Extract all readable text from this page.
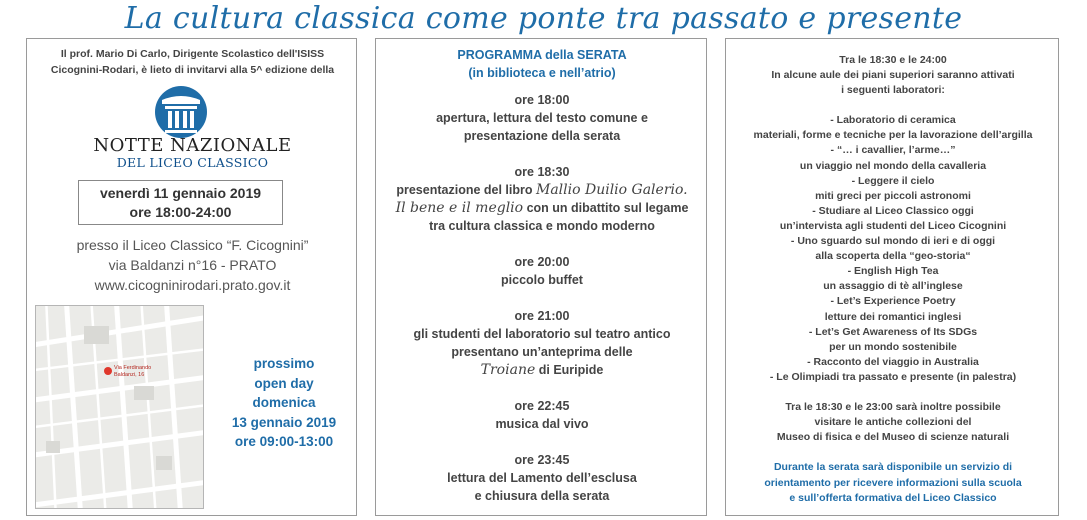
La cultura classica come ponte tra passato e presente
Il prof. Mario Di Carlo, Dirigente Scolastico dell'ISISS
Cicognini-Rodari, è lieto di invitarvi alla 5^ edizione della
NOTTE NAZIONALE
DEL LICEO CLASSICO
venerdì 11 gennaio 2019
ore 18:00-24:00
presso il Liceo Classico “F. Cicognini”
via Baldanzi n°16 - PRATO
www.cicogninirodari.prato.gov.it
Via Ferdinando
Baldanzi, 16
prossimo
open day
domenica
13 gennaio 2019
ore 09:00-13:00
PROGRAMMA della SERATA
(in biblioteca e nell’atrio)
ore 18:00
apertura, lettura del testo comune e
presentazione della serata
ore 18:30
presentazione del libro Mallio Duilio Galerio.
Il bene e il meglio con un dibattito sul legame
tra cultura classica e mondo moderno
ore 20:00
piccolo buffet
ore 21:00
gli studenti del laboratorio sul teatro antico
presentano un’anteprima delle
Troiane di Euripide
ore 22:45
musica dal vivo
ore 23:45
lettura del Lamento dell’esclusa
e chiusura della serata
Tra le 18:30 e le 24:00
In alcune aule dei piani superiori saranno attivati
i seguenti laboratori:
- Laboratorio di ceramica
materiali, forme e tecniche per la lavorazione dell’argilla
- “… i cavallier, l’arme…”
un viaggio nel mondo della cavalleria
- Leggere il cielo
miti greci per piccoli astronomi
- Studiare al Liceo Classico oggi
un’intervista agli studenti del Liceo Cicognini
- Uno sguardo sul mondo di ieri e di oggi
alla scoperta della “geo-storia“
- English High Tea
un assaggio di tè all’inglese
- Let’s Experience Poetry
letture dei romantici inglesi
- Let’s Get Awareness of Its SDGs
per un mondo sostenibile
- Racconto del viaggio in Australia
- Le Olimpiadi tra passato e presente (in palestra)
Tra le 18:30 e le 23:00 sarà inoltre possibile
visitare le antiche collezioni del
Museo di fisica e del Museo di scienze naturali
Durante la serata sarà disponibile un servizio di
orientamento per ricevere informazioni sulla scuola
e sull’offerta formativa del Liceo Classico
